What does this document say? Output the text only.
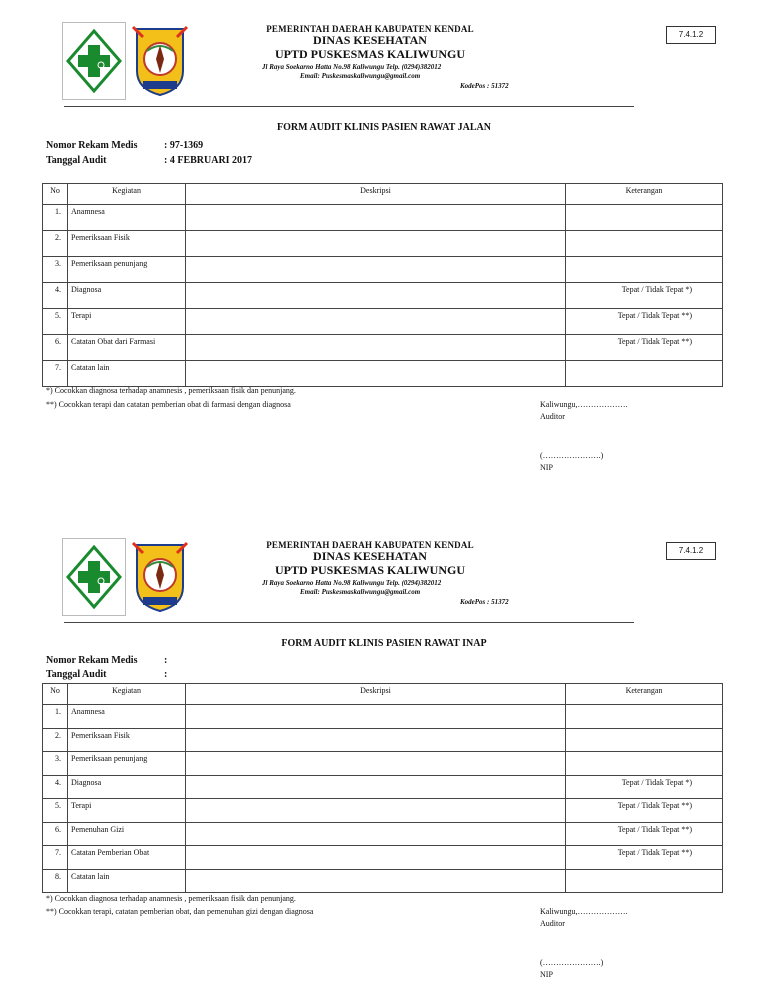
PEMERINTAH DAERAH KABUPATEN KENDAL
DINAS KESEHATAN
UPTD PUSKESMAS KALIWUNGU
Jl Raya Soekarno Hatta No.98 Kaliwungu Telp. (0294)382012
Email: Puskesmaskaliwungu@gmail.com
KodePos : 51372
7.4.1.2
FORM AUDIT KLINIS PASIEN RAWAT JALAN
Nomor Rekam Medis	: 97-1369
Tanggal Audit	: 4 FEBRUARI 2017
No	Kegiatan	Deskripsi	Keterangan
1.	Anamnesa		
2.	Pemeriksaan Fisik		
3.	Pemeriksaan penunjang		
4.	Diagnosa		Tepat / Tidak Tepat *)
5.	Terapi		Tepat / Tidak Tepat **)
6.	Catatan Obat dari Farmasi		Tepat / Tidak Tepat **)
7.	Catatan lain		
*) Cocokkan diagnosa terhadap anamnesis , pemeriksaan fisik dan penunjang.
**) Cocokkan terapi dan catatan pemberian obat di farmasi dengan diagnosa	Kaliwungu,……………….
Auditor
(………………….)
NIP
PEMERINTAH DAERAH KABUPATEN KENDAL
DINAS KESEHATAN
UPTD PUSKESMAS KALIWUNGU
Jl Raya Soekarno Hatta No.98 Kaliwungu Telp. (0294)382012
Email: Puskesmaskaliwungu@gmail.com
KodePos : 51372
7.4.1.2
FORM AUDIT KLINIS PASIEN RAWAT INAP
Nomor Rekam Medis	:
Tanggal Audit	:
No	Kegiatan	Deskripsi	Keterangan
1.	Anamnesa		
2.	Pemeriksaan Fisik		
3.	Pemeriksaan penunjang		
4.	Diagnosa		Tepat / Tidak Tepat *)
5.	Terapi		Tepat / Tidak Tepat **)
6.	Pemenuhan Gizi		Tepat / Tidak Tepat **)
7.	Catatan Pemberian Obat		Tepat / Tidak Tepat **)
8.	Catatan lain		
*) Cocokkan diagnosa terhadap anamnesis , pemeriksaan fisik dan penunjang.
**) Cocokkan terapi, catatan pemberian obat, dan pemenuhan gizi dengan diagnosa	Kaliwungu,……………….
Auditor
(………………….)
NIP
